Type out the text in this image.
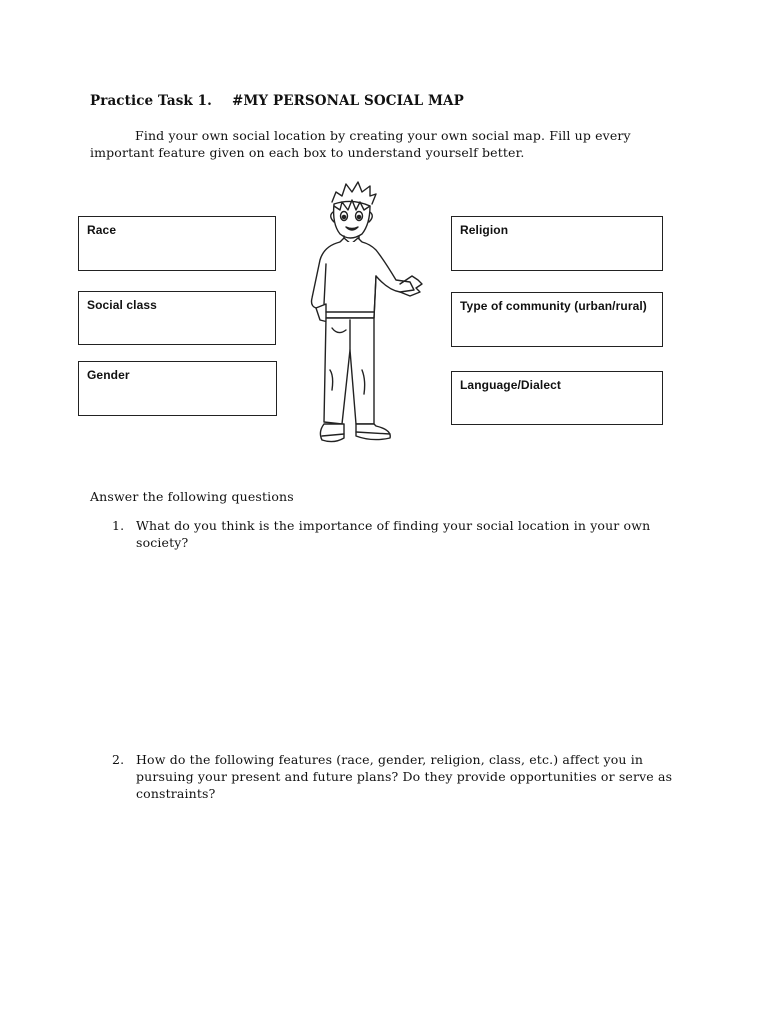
Practice Task 1. #MY PERSONAL SOCIAL MAP
Find your own social location by creating your own social map. Fill up every important feature given on each box to understand yourself better.
Race
Social class
Gender
Religion
Type of community (urban/rural)
Language/Dialect
Answer the following questions
1. What do you think is the importance of finding your social location in your own society?
2. How do the following features (race, gender, religion, class, etc.) affect you in pursuing your present and future plans? Do they provide opportunities or serve as constraints?
